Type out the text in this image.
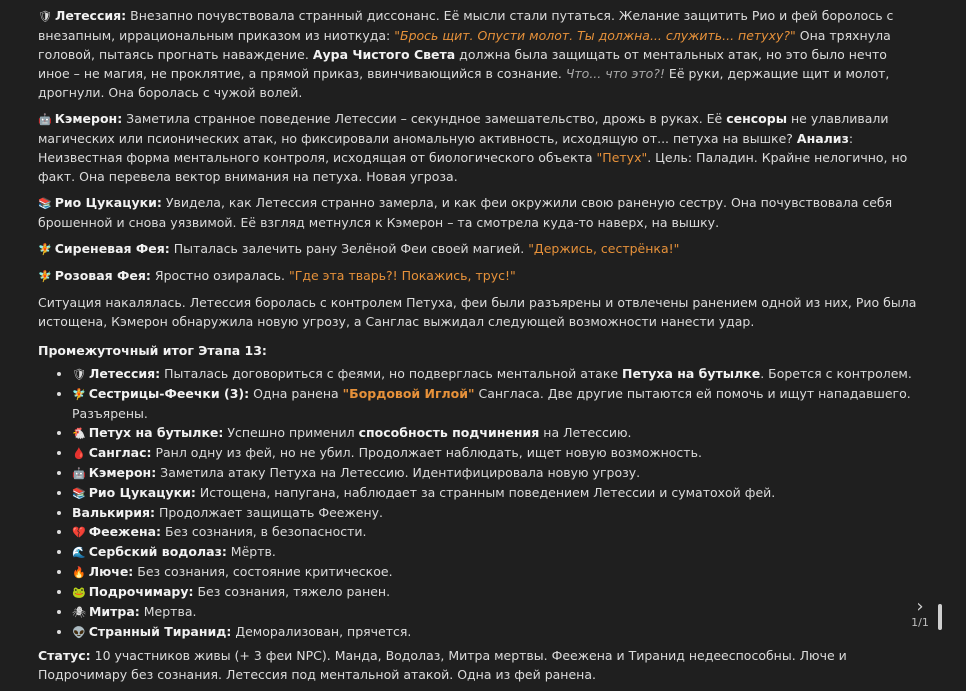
🛡 Летессия: Внезапно почувствовала странный диссонанс. Её мысли стали путаться. Желание защитить Рио и фей боролось с внезапным, иррациональным приказом из ниоткуда: "Брось щит. Опусти молот. Ты должна... служить... петуху?" Она тряхнула головой, пытаясь прогнать наваждение. Аура Чистого Света должна была защищать от ментальных атак, но это было нечто иное – не магия, не проклятие, а прямой приказ, ввинчивающийся в сознание. Что... что это?! Её руки, держащие щит и молот, дрогнули. Она боролась с чужой волей.

🤖 Кэмерон: Заметила странное поведение Летессии – секундное замешательство, дрожь в руках. Её сенсоры не улавливали магических или псионических атак, но фиксировали аномальную активность, исходящую от... петуха на вышке? Анализ: Неизвестная форма ментального контроля, исходящая от биологического объекта "Петух". Цель: Паладин. Крайне нелогично, но факт. Она перевела вектор внимания на петуха. Новая угроза.

📚 Рио Цукацуки: Увидела, как Летессия странно замерла, и как феи окружили свою раненую сестру. Она почувствовала себя брошенной и снова уязвимой. Её взгляд метнулся к Кэмерон – та смотрела куда-то наверх, на вышку.

🧚 Сиреневая Фея: Пыталась залечить рану Зелёной Феи своей магией. "Держись, сестрёнка!"

🧚 Розовая Фея: Яростно озиралась. "Где эта тварь?! Покажись, трус!"

Ситуация накалялась. Летессия боролась с контролем Петуха, феи были разъярены и отвлечены ранением одной из них, Рио была истощена, Кэмерон обнаружила новую угрозу, а Санглас выжидал следующей возможности нанести удар.

Промежуточный итог Этапа 13:

• 🛡 Летессия: Пыталась договориться с феями, но подверглась ментальной атаке Петуха на бутылке. Борется с контролем.
• 🧚 Сестрицы-Феечки (3): Одна ранена "Бордовой Иглой" Сангласа. Две другие пытаются ей помочь и ищут нападавшего. Разъярены.
• 🐔 Петух на бутылке: Успешно применил способность подчинения на Летессию.
• 🩸 Санглас: Ранл одну из фей, но не убил. Продолжает наблюдать, ищет новую возможность.
• 🤖 Кэмерон: Заметила атаку Петуха на Летессию. Идентифицировала новую угрозу.
• 📚 Рио Цукацуки: Истощена, напугана, наблюдает за странным поведением Летессии и суматохой фей.
• Валькирия: Продолжает защищать Феежену.
• 💔 Феежена: Без сознания, в безопасности.
• 🌊 Сербский водолаз: Мёртв.
• 🔥 Люче: Без сознания, состояние критическое.
• 🐸 Подрочимару: Без сознания, тяжело ранен.
• 🕷 Митра: Мертва.
• 👽 Странный Тиранид: Деморализован, прячется.

Статус: 10 участников живы (+ 3 феи NPC). Манда, Водолаз, Митра мертвы. Феежена и Тиранид недееспособны. Люче и Подрочимару без сознания. Летессия под ментальной атакой. Одна из фей ранена.

›
1/1
